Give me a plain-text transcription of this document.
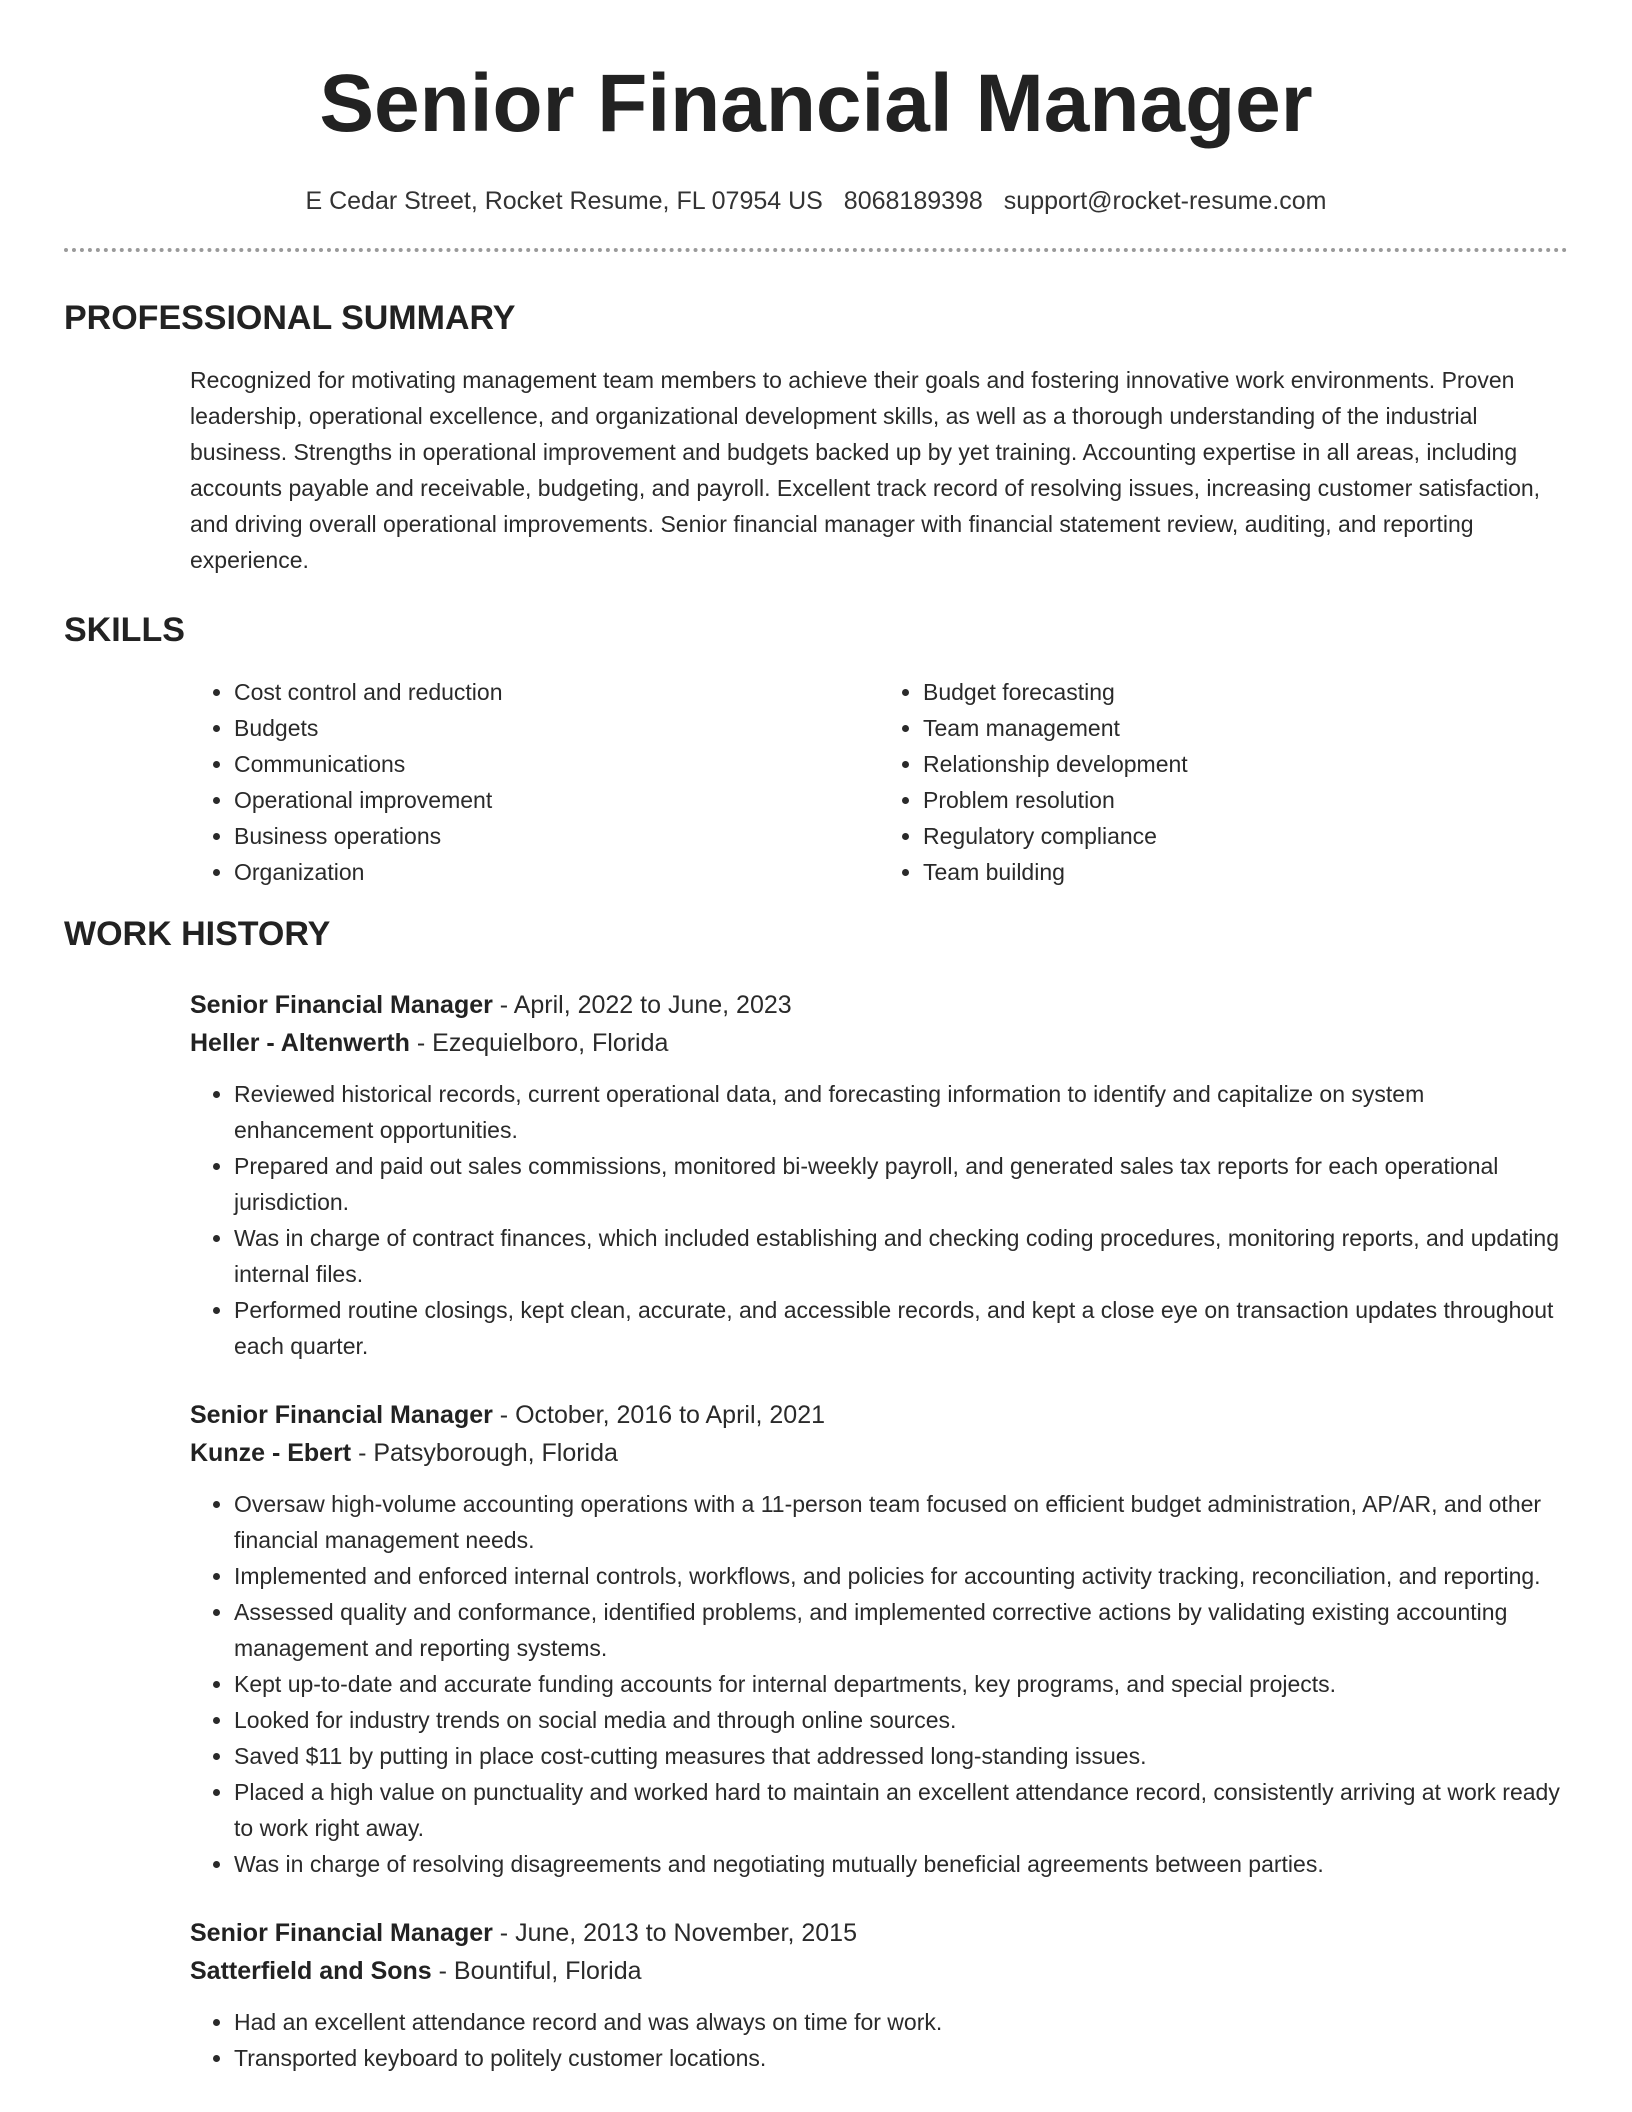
Senior Financial Manager
E Cedar Street, Rocket Resume, FL 07954 US 8068189398 support@rocket-resume.com
PROFESSIONAL SUMMARY

Recognized for motivating management team members to achieve their goals and fostering innovative work environments. Proven leadership, operational excellence, and organizational development skills, as well as a thorough understanding of the industrial business. Strengths in operational improvement and budgets backed up by yet training. Accounting expertise in all areas, including accounts payable and receivable, budgeting, and payroll. Excellent track record of resolving issues, increasing customer satisfaction, and driving overall operational improvements. Senior financial manager with financial statement review, auditing, and reporting experience.

SKILLS
• Cost control and reduction
• Budgets
• Communications
• Operational improvement
• Business operations
• Organization
• Budget forecasting
• Team management
• Relationship development
• Problem resolution
• Regulatory compliance
• Team building
WORK HISTORY
Senior Financial Manager - April, 2022 to June, 2023
Heller - Altenwerth - Ezequielboro, Florida
• Reviewed historical records, current operational data, and forecasting information to identify and capitalize on system enhancement opportunities.
• Prepared and paid out sales commissions, monitored bi-weekly payroll, and generated sales tax reports for each operational jurisdiction.
• Was in charge of contract finances, which included establishing and checking coding procedures, monitoring reports, and updating internal files.
• Performed routine closings, kept clean, accurate, and accessible records, and kept a close eye on transaction updates throughout each quarter.
Senior Financial Manager - October, 2016 to April, 2021
Kunze - Ebert - Patsyborough, Florida
• Oversaw high-volume accounting operations with a 11-person team focused on efficient budget administration, AP/AR, and other financial management needs.
• Implemented and enforced internal controls, workflows, and policies for accounting activity tracking, reconciliation, and reporting.
• Assessed quality and conformance, identified problems, and implemented corrective actions by validating existing accounting management and reporting systems.
• Kept up-to-date and accurate funding accounts for internal departments, key programs, and special projects.
• Looked for industry trends on social media and through online sources.
• Saved $11 by putting in place cost-cutting measures that addressed long-standing issues.
• Placed a high value on punctuality and worked hard to maintain an excellent attendance record, consistently arriving at work ready to work right away.
• Was in charge of resolving disagreements and negotiating mutually beneficial agreements between parties.
Senior Financial Manager - June, 2013 to November, 2015
Satterfield and Sons - Bountiful, Florida
• Had an excellent attendance record and was always on time for work.
• Transported keyboard to politely customer locations.
